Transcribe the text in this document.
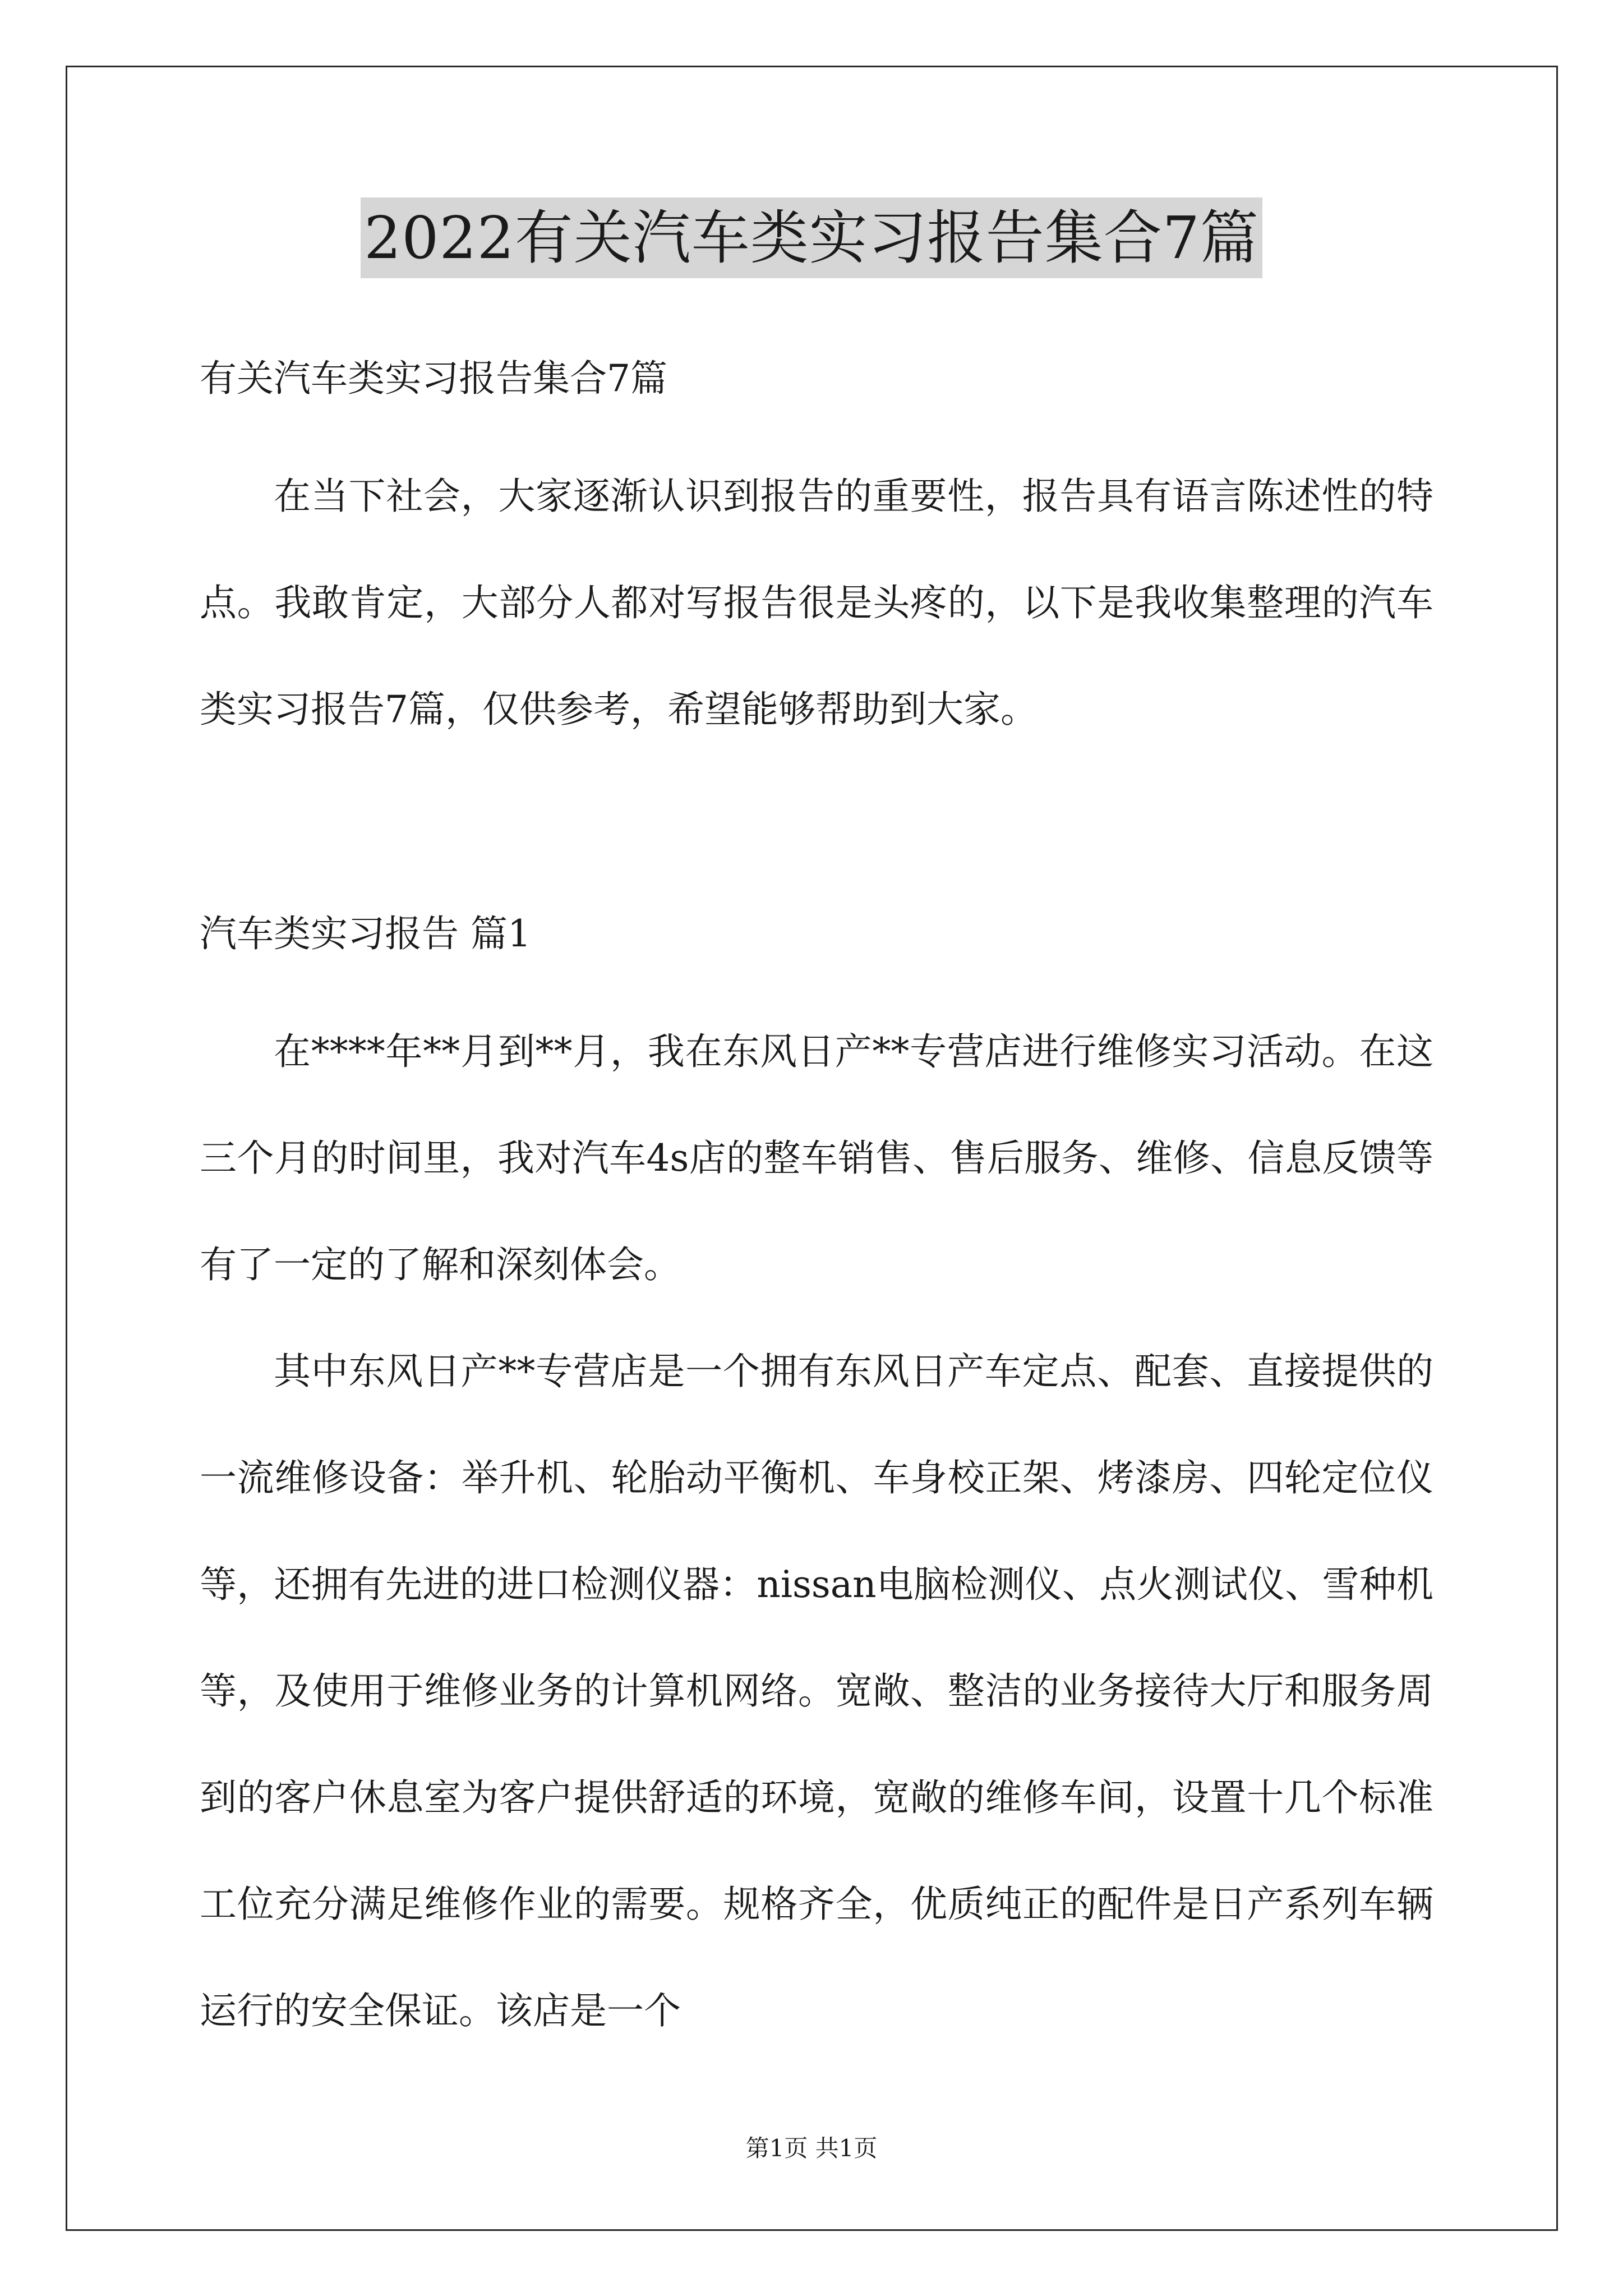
2022有关汽车类实习报告集合7篇

有关汽车类实习报告集合7篇

在当下社会，大家逐渐认识到报告的重要性，报告具有语言陈述性的特点。我敢肯定，大部分人都对写报告很是头疼的，以下是我收集整理的汽车类实习报告7篇，仅供参考，希望能够帮助到大家。

汽车类实习报告 篇1

在****年**月到**月，我在东风日产**专营店进行维修实习活动。在这三个月的时间里，我对汽车4s店的整车销售、售后服务、维修、信息反馈等有了一定的了解和深刻体会。

其中东风日产**专营店是一个拥有东风日产车定点、配套、直接提供的一流维修设备：举升机、轮胎动平衡机、车身校正架、烤漆房、四轮定位仪等，还拥有先进的进口检测仪器：nissan电脑检测仪、点火测试仪、雪种机等，及使用于维修业务的计算机网络。宽敞、整洁的业务接待大厅和服务周到的客户休息室为客户提供舒适的环境，宽敞的维修车间，设置十几个标准工位充分满足维修作业的需要。规格齐全，优质纯正的配件是日产系列车辆运行的安全保证。该店是一个

第1页 共1页
